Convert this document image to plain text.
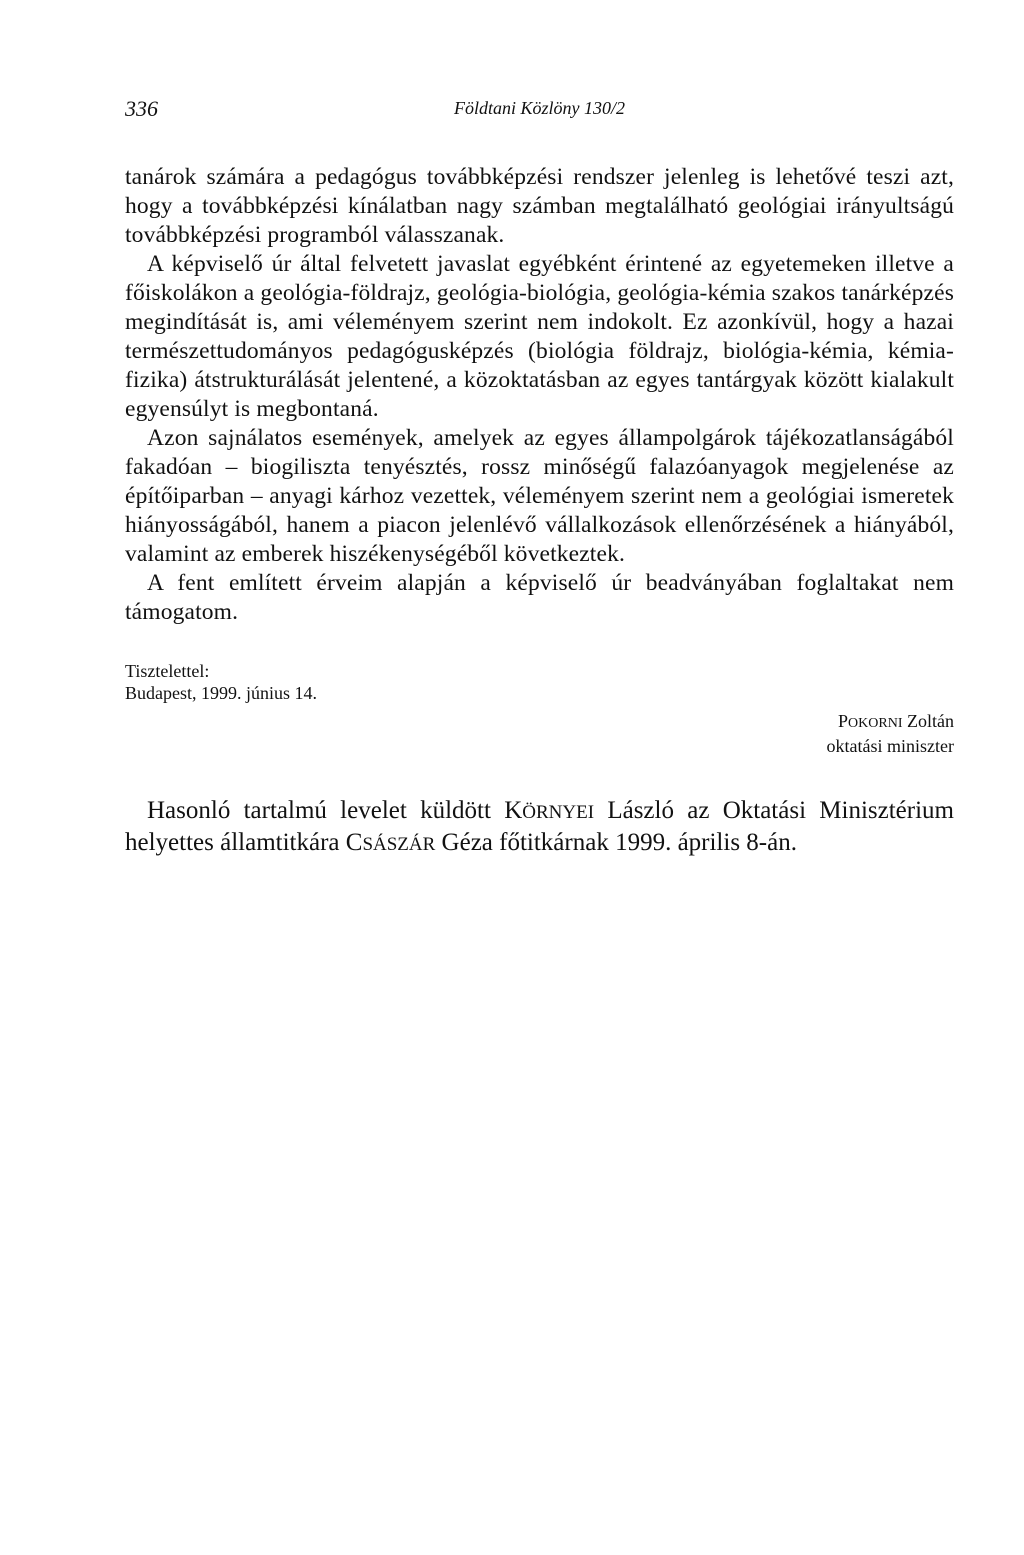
336	Földtani Közlöny 130/2

tanárok számára a pedagógus továbbképzési rendszer jelenleg is lehetővé teszi azt, hogy a továbbképzési kínálatban nagy számban megtalálható geológiai irányultságú továbbképzési programból válasszanak.

A képviselő úr által felvetett javaslat egyébként érintené az egyetemeken illetve a főiskolákon a geológia-földrajz, geológia-biológia, geológia-kémia szakos tanárképzés megindítását is, ami véleményem szerint nem indokolt. Ez azonkívül, hogy a hazai természettudományos pedagógusképzés (biológia földrajz, biológia-kémia, kémia-fizika) átstrukturálását jelentené, a közoktatásban az egyes tantárgyak között kialakult egyensúlyt is megbontaná.

Azon sajnálatos események, amelyek az egyes állampolgárok tájékozatlanságából fakadóan – biogiliszta tenyésztés, rossz minőségű falazóanyagok megjelenése az építőiparban – anyagi kárhoz vezettek, véleményem szerint nem a geológiai ismeretek hiányosságából, hanem a piacon jelenlévő vállalkozások ellenőrzésének a hiányából, valamint az emberek hiszékenységéből következtek.

A fent említett érveim alapján a képviselő úr beadványában foglaltakat nem támogatom.

Tisztelettel:
Budapest, 1999. június 14.
POKORNI Zoltán
oktatási miniszter
Hasonló tartalmú levelet küldött KÖRNYEI László az Oktatási Minisztérium helyettes államtitkára CSÁSZÁR Géza főtitkárnak 1999. április 8-án.
